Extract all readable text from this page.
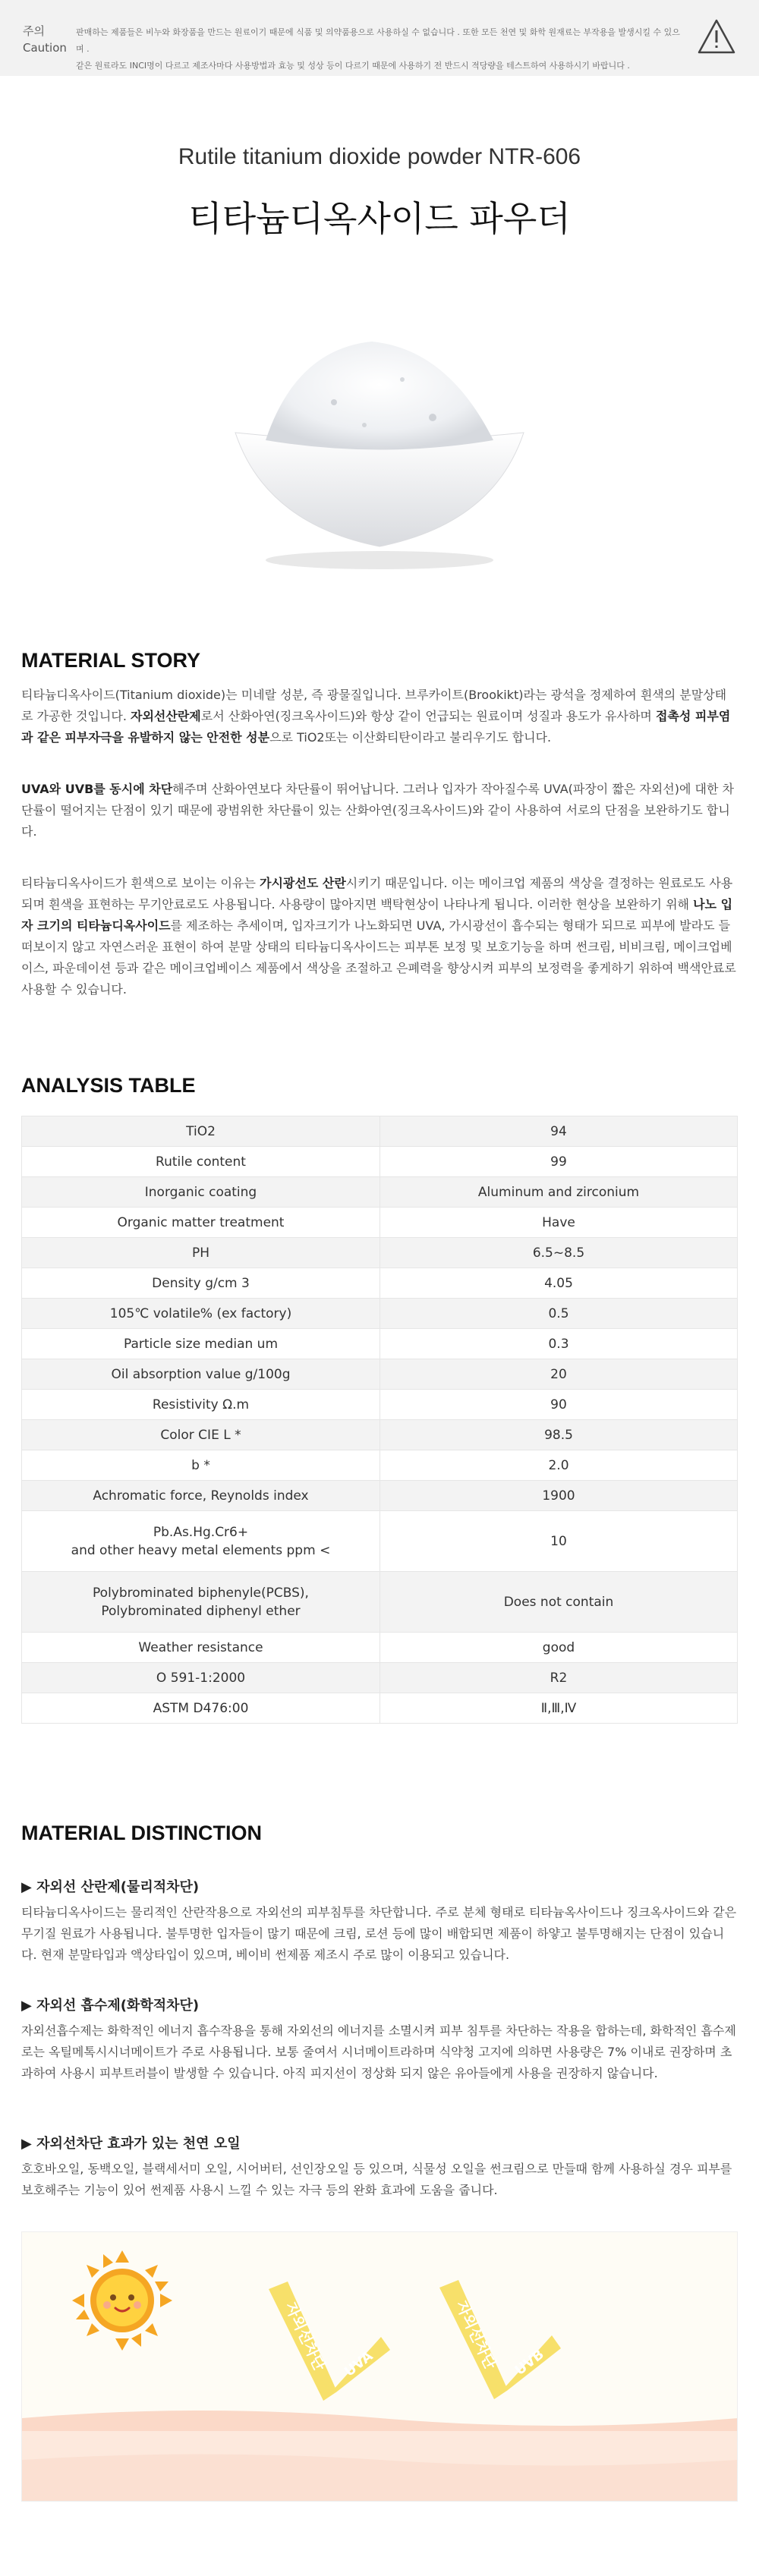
주의
Caution
판매하는 제품들은 비누와 화장품을 만드는 원료이기 때문에 식품 및 의약품용으로 사용하실 수 없습니다 . 또한 모든 천연 및 화학 원재료는 부작용을 발생시킬 수 있으며 .
같은 원료라도 INCI명이 다르고 제조사마다 사용방법과 효능 및 성상 등이 다르기 때문에 사용하기 전 반드시 적당량을 테스트하여 사용하시기 바랍니다 .
Rutile titanium dioxide powder NTR-606
티타늄디옥사이드 파우더
MATERIAL STORY

티타늄디옥사이드(Titanium dioxide)는 미네랄 성분, 즉 광물질입니다. 브루카이트(Brookikt)라는 광석을 정제하여 흰색의 분말상태로 가공한 것입니다. 자외선산란제로서 산화아연(징크옥사이드)와 항상 같이 언급되는 원료이며 성질과 용도가 유사하며 접촉성 피부염과 같은 피부자극을 유발하지 않는 안전한 성분으로 TiO2또는 이산화티탄이라고 불리우기도 합니다.

UVA와 UVB를 동시에 차단해주며 산화아연보다 차단률이 뛰어납니다. 그러나 입자가 작아질수록 UVA(파장이 짧은 자외선)에 대한 차단률이 떨어지는 단점이 있기 때문에 광범위한 차단률이 있는 산화아연(징크옥사이드)와 같이 사용하여 서로의 단점을 보완하기도 합니다.

티타늄디옥사이드가 흰색으로 보이는 이유는 가시광선도 산란시키기 때문입니다. 이는 메이크업 제품의 색상을 결정하는 원료로도 사용되며 흰색을 표현하는 무기안료로도 사용됩니다. 사용량이 많아지면 백탁현상이 나타나게 됩니다. 이러한 현상을 보완하기 위해 나노 입자 크기의 티타늄디옥사이드를 제조하는 추세이며, 입자크기가 나노화되면 UVA, 가시광선이 흡수되는 형태가 되므로 피부에 발라도 들떠보이지 않고 자연스러운 표현이 하여 분말 상태의 티타늄디옥사이드는 피부톤 보정 및 보호기능을 하며 썬크림, 비비크림, 메이크업베이스, 파운데이션 등과 같은 메이크업베이스 제품에서 색상을 조절하고 은폐력을 향상시켜 피부의 보정력을 좋게하기 위하여 백색안료로 사용할 수 있습니다.

ANALYSIS TABLE
TiO2	94
Rutile content	99
Inorganic coating	Aluminum and zirconium
Organic matter treatment	Have
PH	6.5~8.5
Density g/cm 3	4.05
105℃ volatile% (ex factory)	0.5
Particle size median um	0.3
Oil absorption value g/100g	20
Resistivity Ω.m	90
Color CIE L *	98.5
b *	2.0
Achromatic force, Reynolds index	1900
Pb.As.Hg.Cr6+
and other heavy metal elements ppm <	10
Polybrominated biphenyle(PCBS),
Polybrominated diphenyl ether	Does not contain
Weather resistance	good
O 591-1:2000	R2
ASTM D476:00	Ⅱ,Ⅲ,Ⅳ
MATERIAL DISTINCTION
▶ 자외선 산란제(물리적차단)

티타늄디옥사이드는 물리적인 산란작용으로 자외선의 피부침투를 차단합니다. 주로 분체 형태로 티타늄옥사이드나 징크옥사이드와 같은 무기질 원료가 사용됩니다. 불투명한 입자들이 많기 때문에 크림, 로션 등에 많이 배합되면 제품이 하얗고 불투명해지는 단점이 있습니다. 현재 분말타입과 액상타입이 있으며, 베이비 썬제품 제조시 주로 많이 이용되고 있습니다.

▶ 자외선 흡수제(화학적차단)

자외선흡수제는 화학적인 에너지 흡수작용을 통해 자외선의 에너지를 소멸시켜 피부 침투를 차단하는 작용을 합하는데, 화학적인 흡수제로는 옥틸메톡시시너메이트가 주로 사용됩니다. 보통 줄여서 시너메이트라하며 식약청 고지에 의하면 사용량은 7% 이내로 권장하며 초과하여 사용시 피부트러블이 발생할 수 있습니다. 아직 피지선이 정상화 되지 않은 유아들에게 사용을 권장하지 않습니다.

▶ 자외선차단 효과가 있는 천연 오일

호호바오일, 동백오일, 블랙세서미 오일, 시어버터, 선인장오일 등 있으며, 식물성 오일을 썬크림으로 만들때 함께 사용하실 경우 피부를 보호해주는 기능이 있어 썬제품 사용시 느낄 수 있는 자극 등의 완화 효과에 도움을 줍니다.

자외선차단 UVA	자외선차단 UVB
